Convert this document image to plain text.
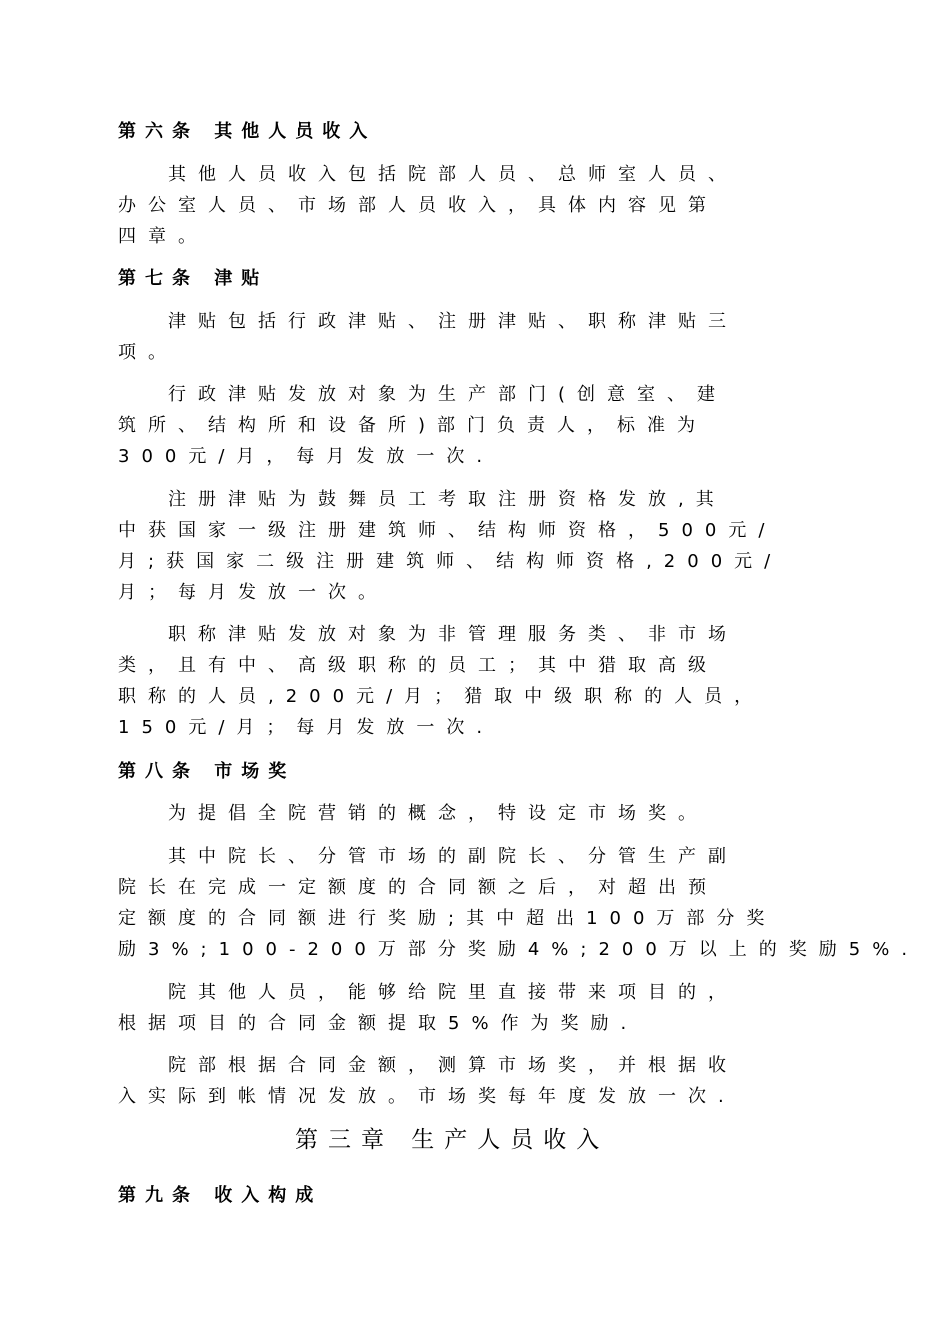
第六条 其他人员收入
其他人员收入包括院部人员、总师室人员、
办公室人员、市场部人员收入，具体内容见第
四章。
第七条 津贴
津贴包括行政津贴、注册津贴、职称津贴三
项。
行政津贴发放对象为生产部门(创意室、建
筑所、结构所和设备所)部门负责人，标准为
300元/月，每月发放一次.
注册津贴为鼓舞员工考取注册资格发放,其
中获国家一级注册建筑师、结构师资格，500元/
月;获国家二级注册建筑师、结构师资格,200元/
月；每月发放一次。
职称津贴发放对象为非管理服务类、非市场
类，且有中、高级职称的员工；其中猎取高级
职称的人员,200元/月；猎取中级职称的人员，
150元/月；每月发放一次.
第八条 市场奖
为提倡全院营销的概念，特设定市场奖。
其中院长、分管市场的副院长、分管生产副
院长在完成一定额度的合同额之后，对超出预
定额度的合同额进行奖励;其中超出100万部分奖
励3%;100-200万部分奖励4%;200万以上的奖励5%.
院其他人员，能够给院里直接带来项目的，
根据项目的合同金额提取5%作为奖励.
院部根据合同金额，测算市场奖，并根据收
入实际到帐情况发放。市场奖每年度发放一次.
第三章 生产人员收入
第九条 收入构成
